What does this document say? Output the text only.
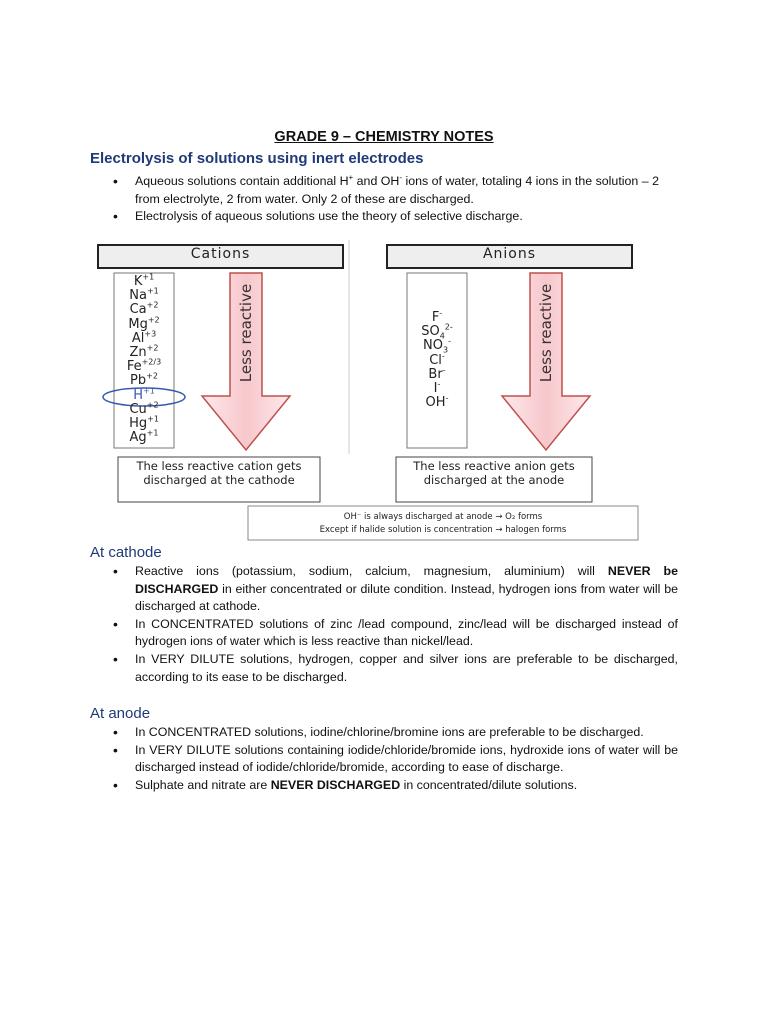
GRADE 9 – CHEMISTRY NOTES
Electrolysis of solutions using inert electrodes
• Aqueous solutions contain additional H+ and OH- ions of water, totaling 4 ions in the solution – 2 from electrolyte, 2 from water. Only 2 of these are discharged.
• Electrolysis of aqueous solutions use the theory of selective discharge.
Cations	Anions
$K^{+1}$
$Na^{+1}$
$Ca^{+2}$
$Mg^{+2}$
$Al^{+3}$
$Zn^{+2}$
$Fe^{+2/3}$
$Pb^{+2}$
$H^{+1}$
$Cu^{+2}$
$Hg^{+1}$
$Ag^{+1}$
F-
$SO_4^{2-}$
$NO_3^-$
Cl-
Br-
I-
OH-
Less reactive	Less reactive
The less reactive cation gets discharged at the cathode
The less reactive anion gets discharged at the anode
OH⁻ is always discharged at anode → O₂ forms
Except if halide solution is concentration → halogen forms
At cathode
• Reactive ions (potassium, sodium, calcium, magnesium, aluminium) will NEVER be DISCHARGED in either concentrated or dilute condition. Instead, hydrogen ions from water will be discharged at cathode.
• In CONCENTRATED solutions of zinc /lead compound, zinc/lead will be discharged instead of hydrogen ions of water which is less reactive than nickel/lead.
• In VERY DILUTE solutions, hydrogen, copper and silver ions are preferable to be discharged, according to its ease to be discharged.
At anode
• In CONCENTRATED solutions, iodine/chlorine/bromine ions are preferable to be discharged.
• In VERY DILUTE solutions containing iodide/chloride/bromide ions, hydroxide ions of water will be discharged instead of iodide/chloride/bromide, according to ease of discharge.
• Sulphate and nitrate are NEVER DISCHARGED in concentrated/dilute solutions.
